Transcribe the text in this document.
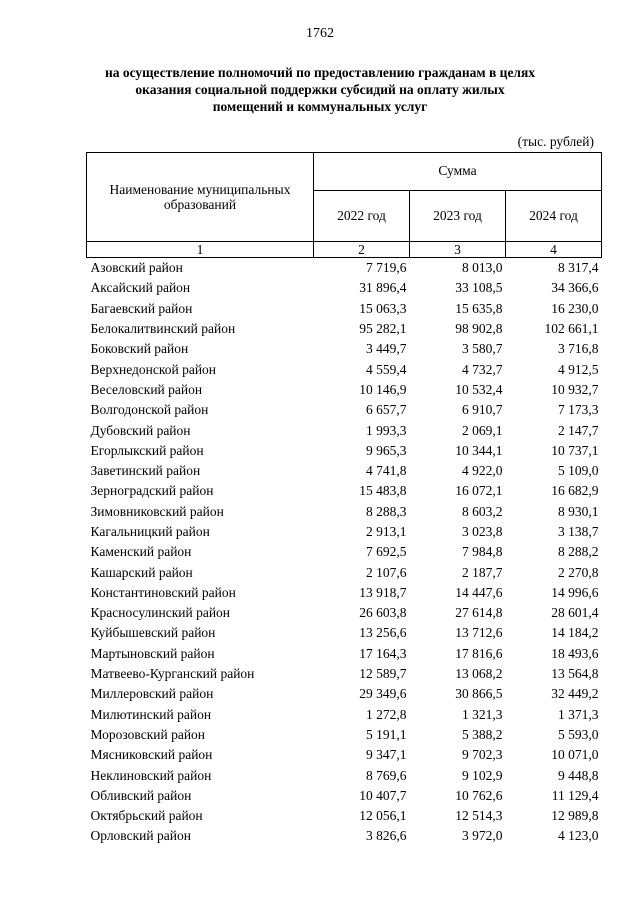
1762
на осуществление полномочий по предоставлению гражданам в целях
оказания социальной поддержки субсидий на оплату жилых
помещений и коммунальных услуг
(тыс. рублей)
Наименование муниципальных
образований	Сумма		
	2022 год	2023 год	2024 год
1	2	3	4
Азовский район	7 719,6	8 013,0	8 317,4
Аксайский район	31 896,4	33 108,5	34 366,6
Багаевский район	15 063,3	15 635,8	16 230,0
Белокалитвинский район	95 282,1	98 902,8	102 661,1
Боковский район	3 449,7	3 580,7	3 716,8
Верхнедонской район	4 559,4	4 732,7	4 912,5
Веселовский район	10 146,9	10 532,4	10 932,7
Волгодонской район	6 657,7	6 910,7	7 173,3
Дубовский район	1 993,3	2 069,1	2 147,7
Егорлыкский район	9 965,3	10 344,1	10 737,1
Заветинский район	4 741,8	4 922,0	5 109,0
Зерноградский район	15 483,8	16 072,1	16 682,9
Зимовниковский район	8 288,3	8 603,2	8 930,1
Кагальницкий район	2 913,1	3 023,8	3 138,7
Каменский район	7 692,5	7 984,8	8 288,2
Кашарский район	2 107,6	2 187,7	2 270,8
Константиновский район	13 918,7	14 447,6	14 996,6
Красносулинский район	26 603,8	27 614,8	28 601,4
Куйбышевский район	13 256,6	13 712,6	14 184,2
Мартыновский район	17 164,3	17 816,6	18 493,6
Матвеево-Курганский район	12 589,7	13 068,2	13 564,8
Миллеровский район	29 349,6	30 866,5	32 449,2
Милютинский район	1 272,8	1 321,3	1 371,3
Морозовский район	5 191,1	5 388,2	5 593,0
Мясниковский район	9 347,1	9 702,3	10 071,0
Неклиновский район	8 769,6	9 102,9	9 448,8
Обливский район	10 407,7	10 762,6	11 129,4
Октябрьский район	12 056,1	12 514,3	12 989,8
Орловский район	3 826,6	3 972,0	4 123,0
